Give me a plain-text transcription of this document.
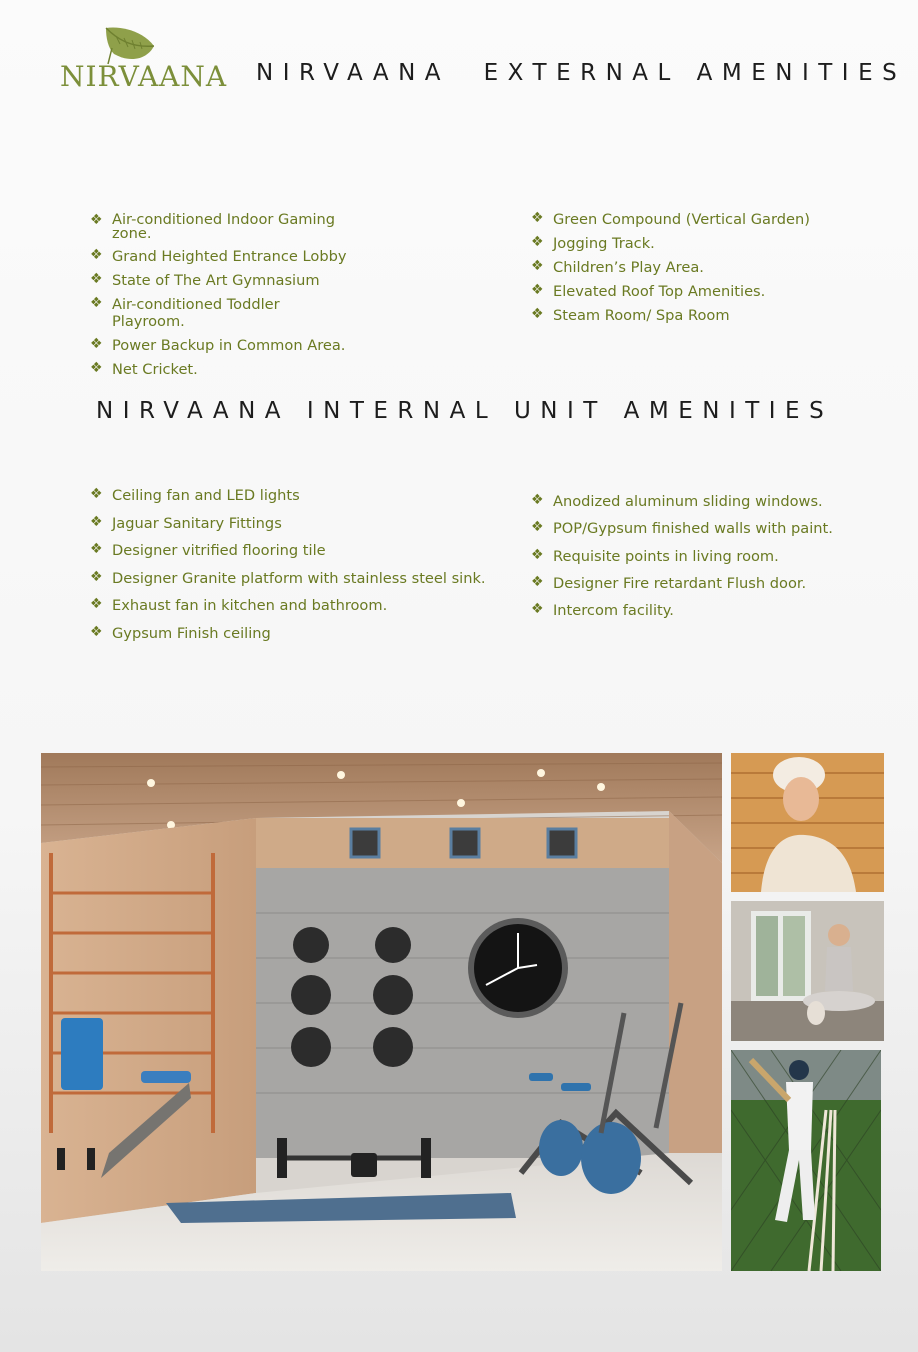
NIRVAANA NIRVAANA  EXTERNAL AMENITIES
❖ Air-conditioned Indoor Gaming zone.
❖ Grand Heighted Entrance Lobby
❖ State of The Art Gymnasium
❖ Air-conditioned Toddler Playroom.
❖ Power Backup in Common Area.
❖ Net Cricket.
❖ Green Compound (Vertical Garden)
❖ Jogging Track.
❖ Children’s Play Area.
❖ Elevated Roof Top Amenities.
❖ Steam Room/ Spa Room
NIRVAANA INTERNAL UNIT AMENITIES
❖ Ceiling fan and LED lights
❖ Jaguar Sanitary Fittings
❖ Designer vitrified flooring tile
❖ Designer Granite platform with stainless steel sink.
❖ Exhaust fan in kitchen and bathroom.
❖ Gypsum Finish ceiling
❖ Anodized aluminum sliding windows.
❖ POP/Gypsum finished walls with paint.
❖ Requisite points in living room.
❖ Designer Fire retardant Flush door.
❖ Intercom facility.
